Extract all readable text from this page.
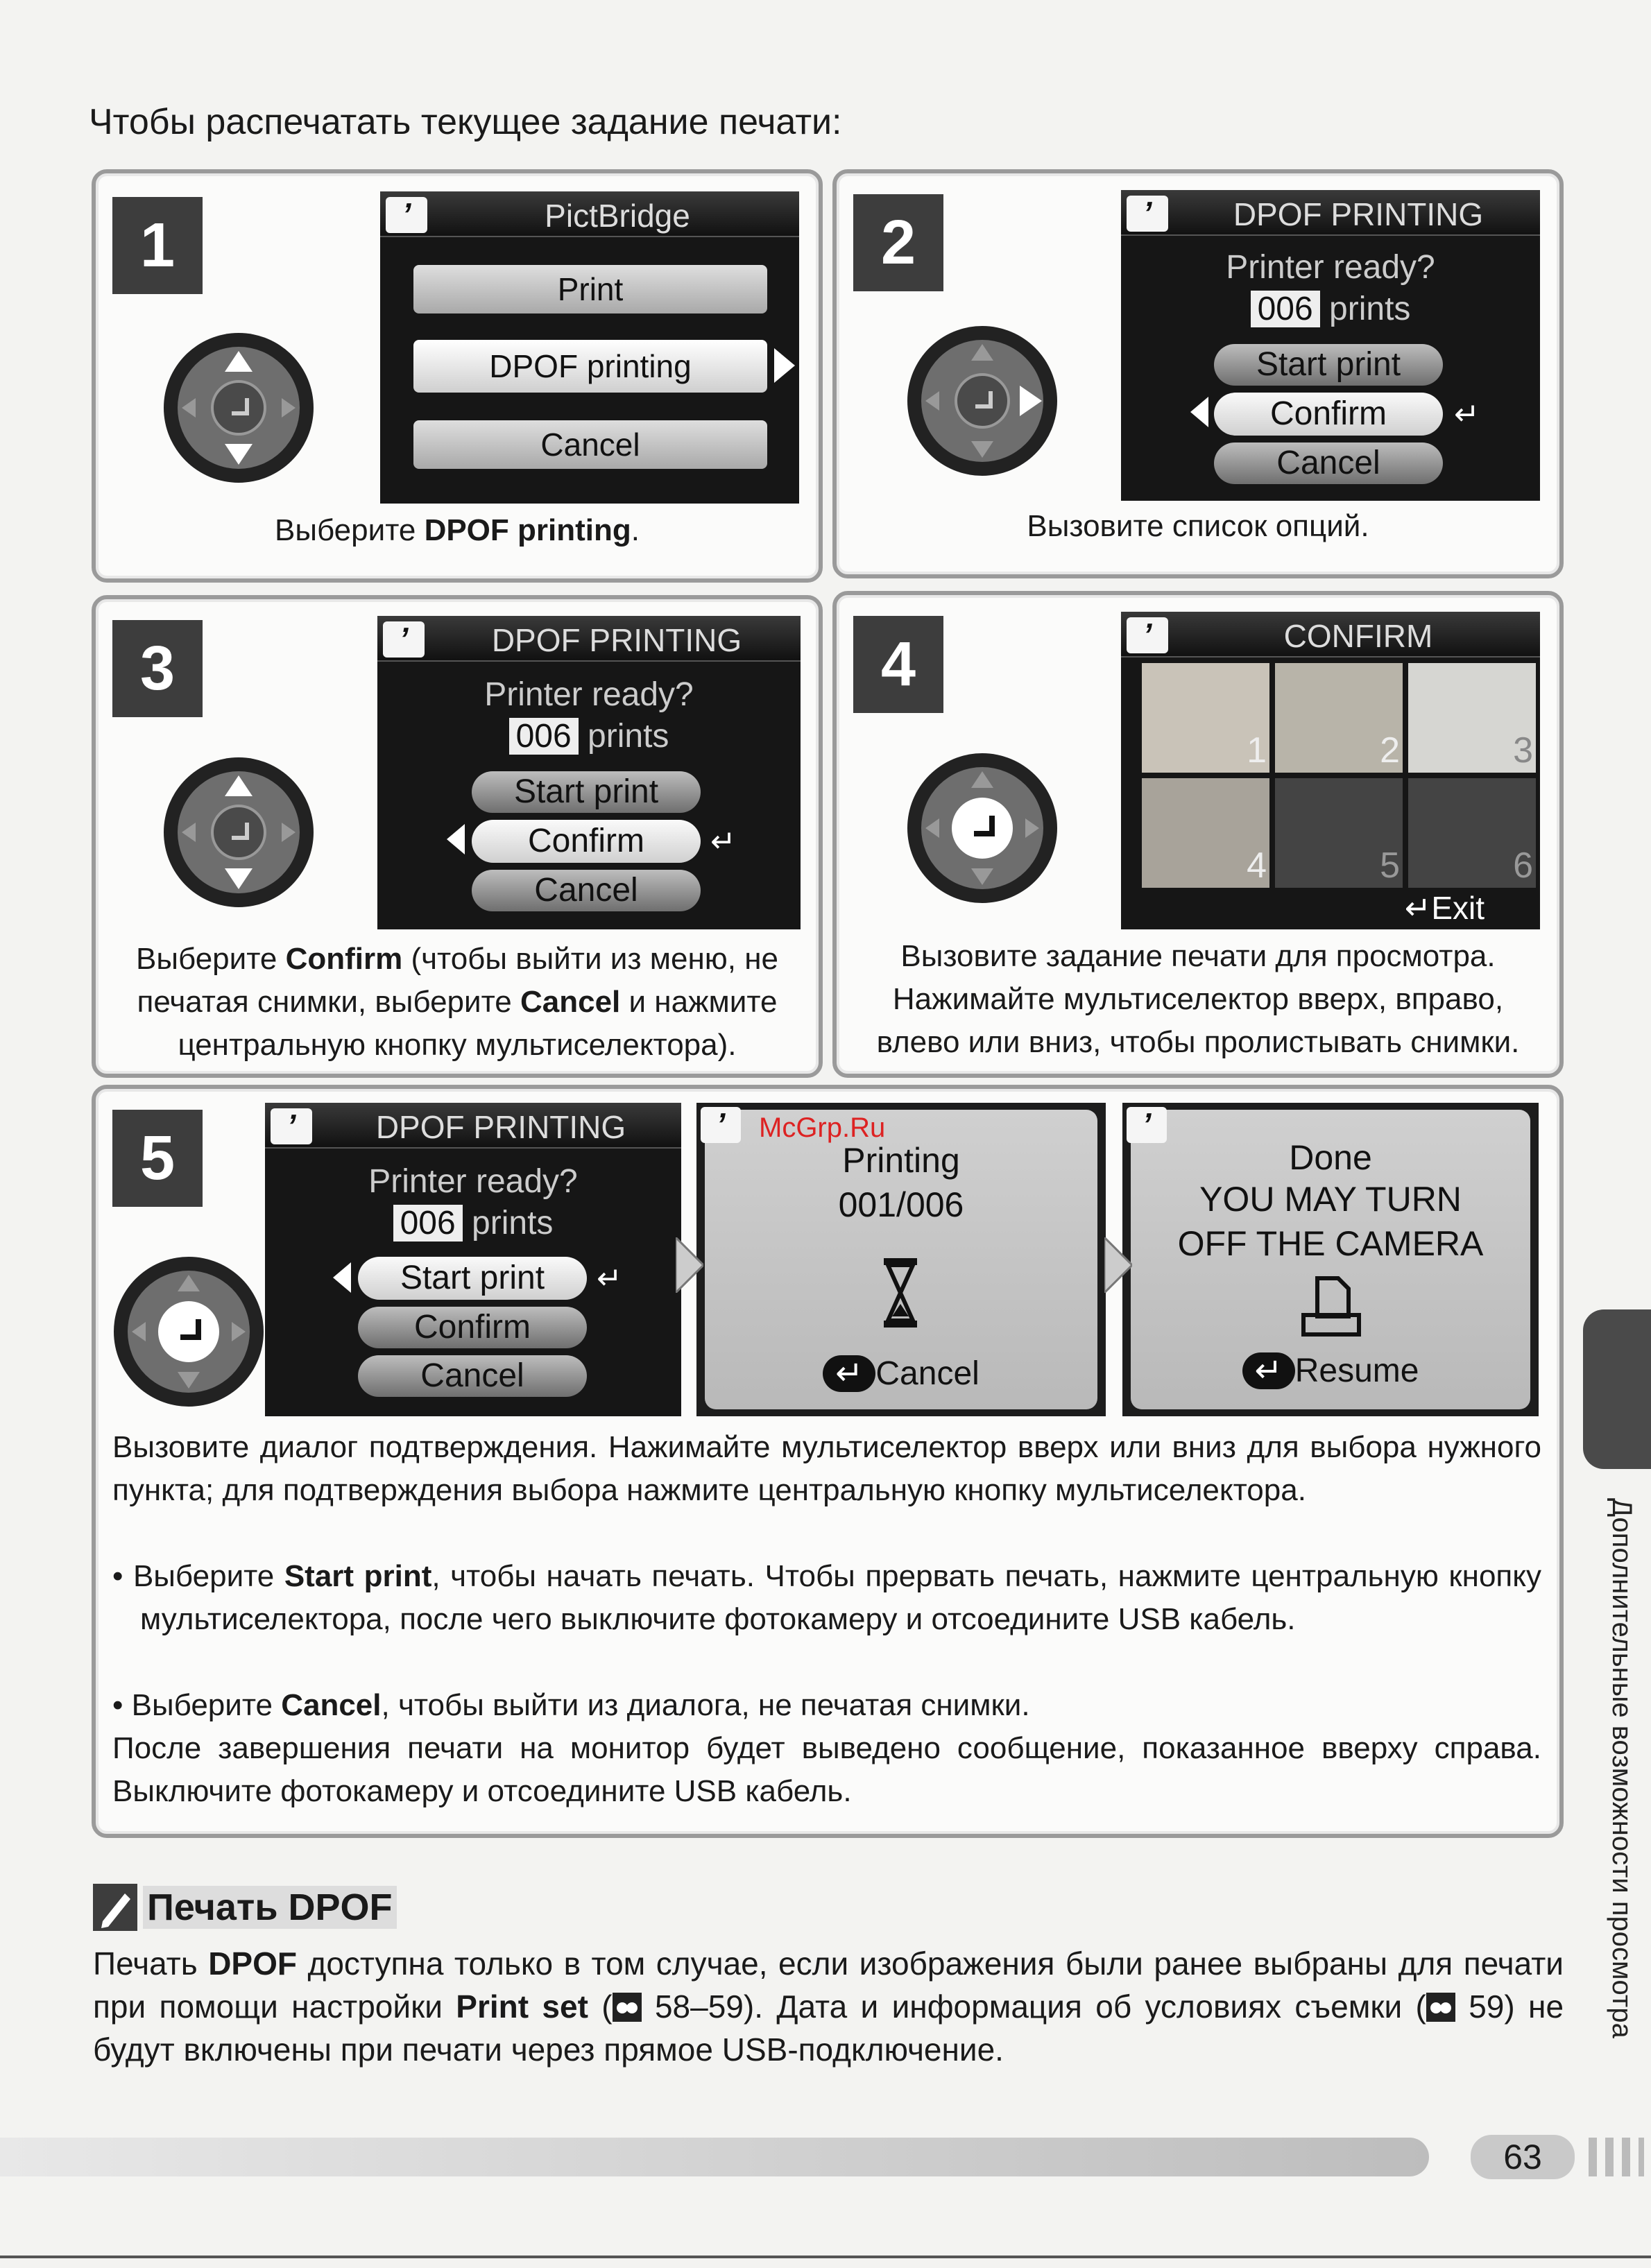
Чтобы распечатать текущее задание печати:
1	ʼ	PictBridge
Print
DPOF printing
Cancel
Выберите DPOF printing.
2	ʼ	DPOF PRINTING
Printer ready?
006 prints
Start print
Confirm	↵
Cancel
Вызовите список опций.
3	ʼ	DPOF PRINTING
Printer ready?
006 prints
Start print
Confirm	↵
Cancel
Выберите Confirm (чтобы выйти из меню, не
печатая снимки, выберите Cancel и нажмите
центральную кнопку мультиселектора).
4	ʼ	CONFIRM
1	2	3
4	5	6
↵Exit
Вызовите задание печати для просмотра.
Нажимайте мультиселектор вверх, вправо,
влево или вниз, чтобы пролистывать снимки.
5	ʼ	DPOF PRINTING
Printer ready?
006 prints
Start print	↵
Confirm
Cancel
ʼ	McGrp.Ru
Printing
001/006
↵ Cancel
ʼ
Done
YOU MAY TURN
OFF THE CAMERA
↵ Resume
Вызовите диалог подтверждения. Нажимайте мультиселектор вверх или вниз для выбора нужного пункта; для подтверждения выбора нажмите центральную кнопку мультиселектора.
• Выберите Start print, чтобы начать печать. Чтобы прервать печать, нажмите центральную кнопку мультиселектора, после чего выключите фотокамеру и отсоедините USB кабель.
• Выберите Cancel, чтобы выйти из диалога, не печатая снимки.
После завершения печати на монитор будет выведено сообщение, показанное вверху справа. Выключите фотокамеру и отсоедините USB кабель.
Печать DPOF
Печать DPOF доступна только в том случае, если изображения были ранее выбраны для печати при помощи настройки Print set ( 58–59). Дата и информация об условиях съемки ( 59) не будут включены при печати через прямое USB-подключение.
Дополнительные возможности просмотра
63
